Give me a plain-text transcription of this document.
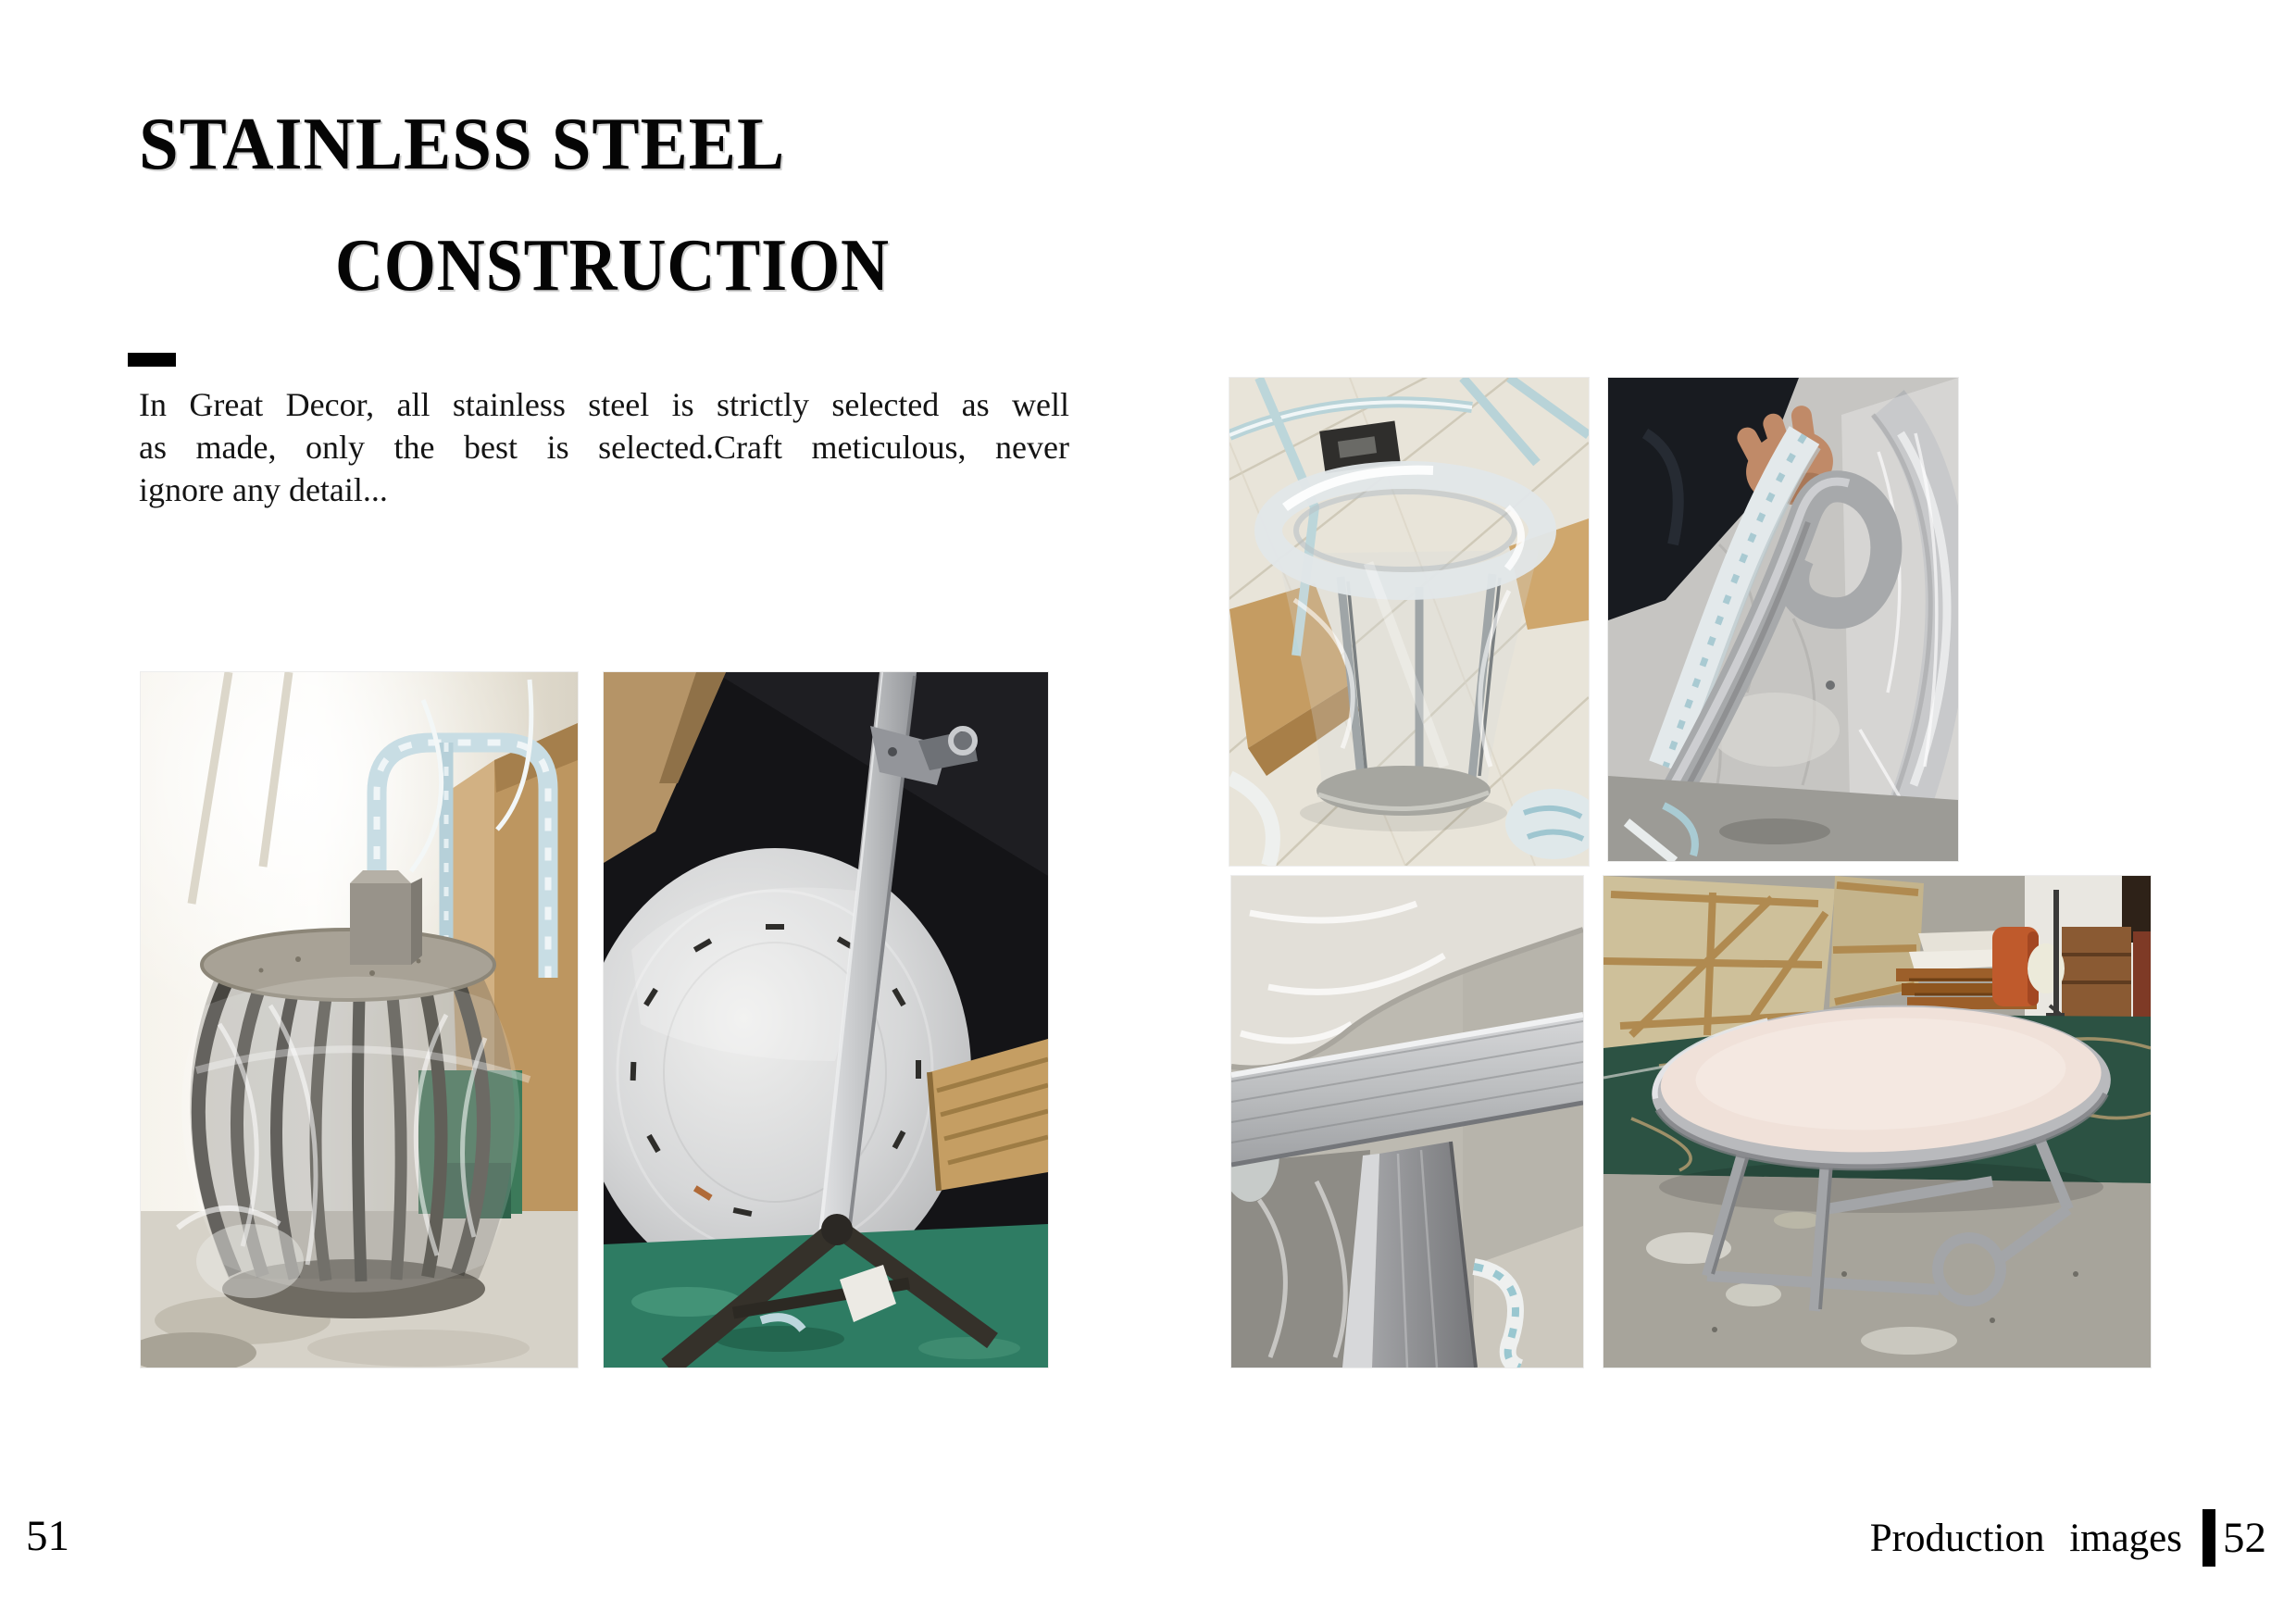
STAINLESS STEEL
CONSTRUCTION
In Great Decor, all stainless steel is strictly selected as well
as made, only the best is selected.Craft meticulous, never
ignore any detail...
51	Production images 52
